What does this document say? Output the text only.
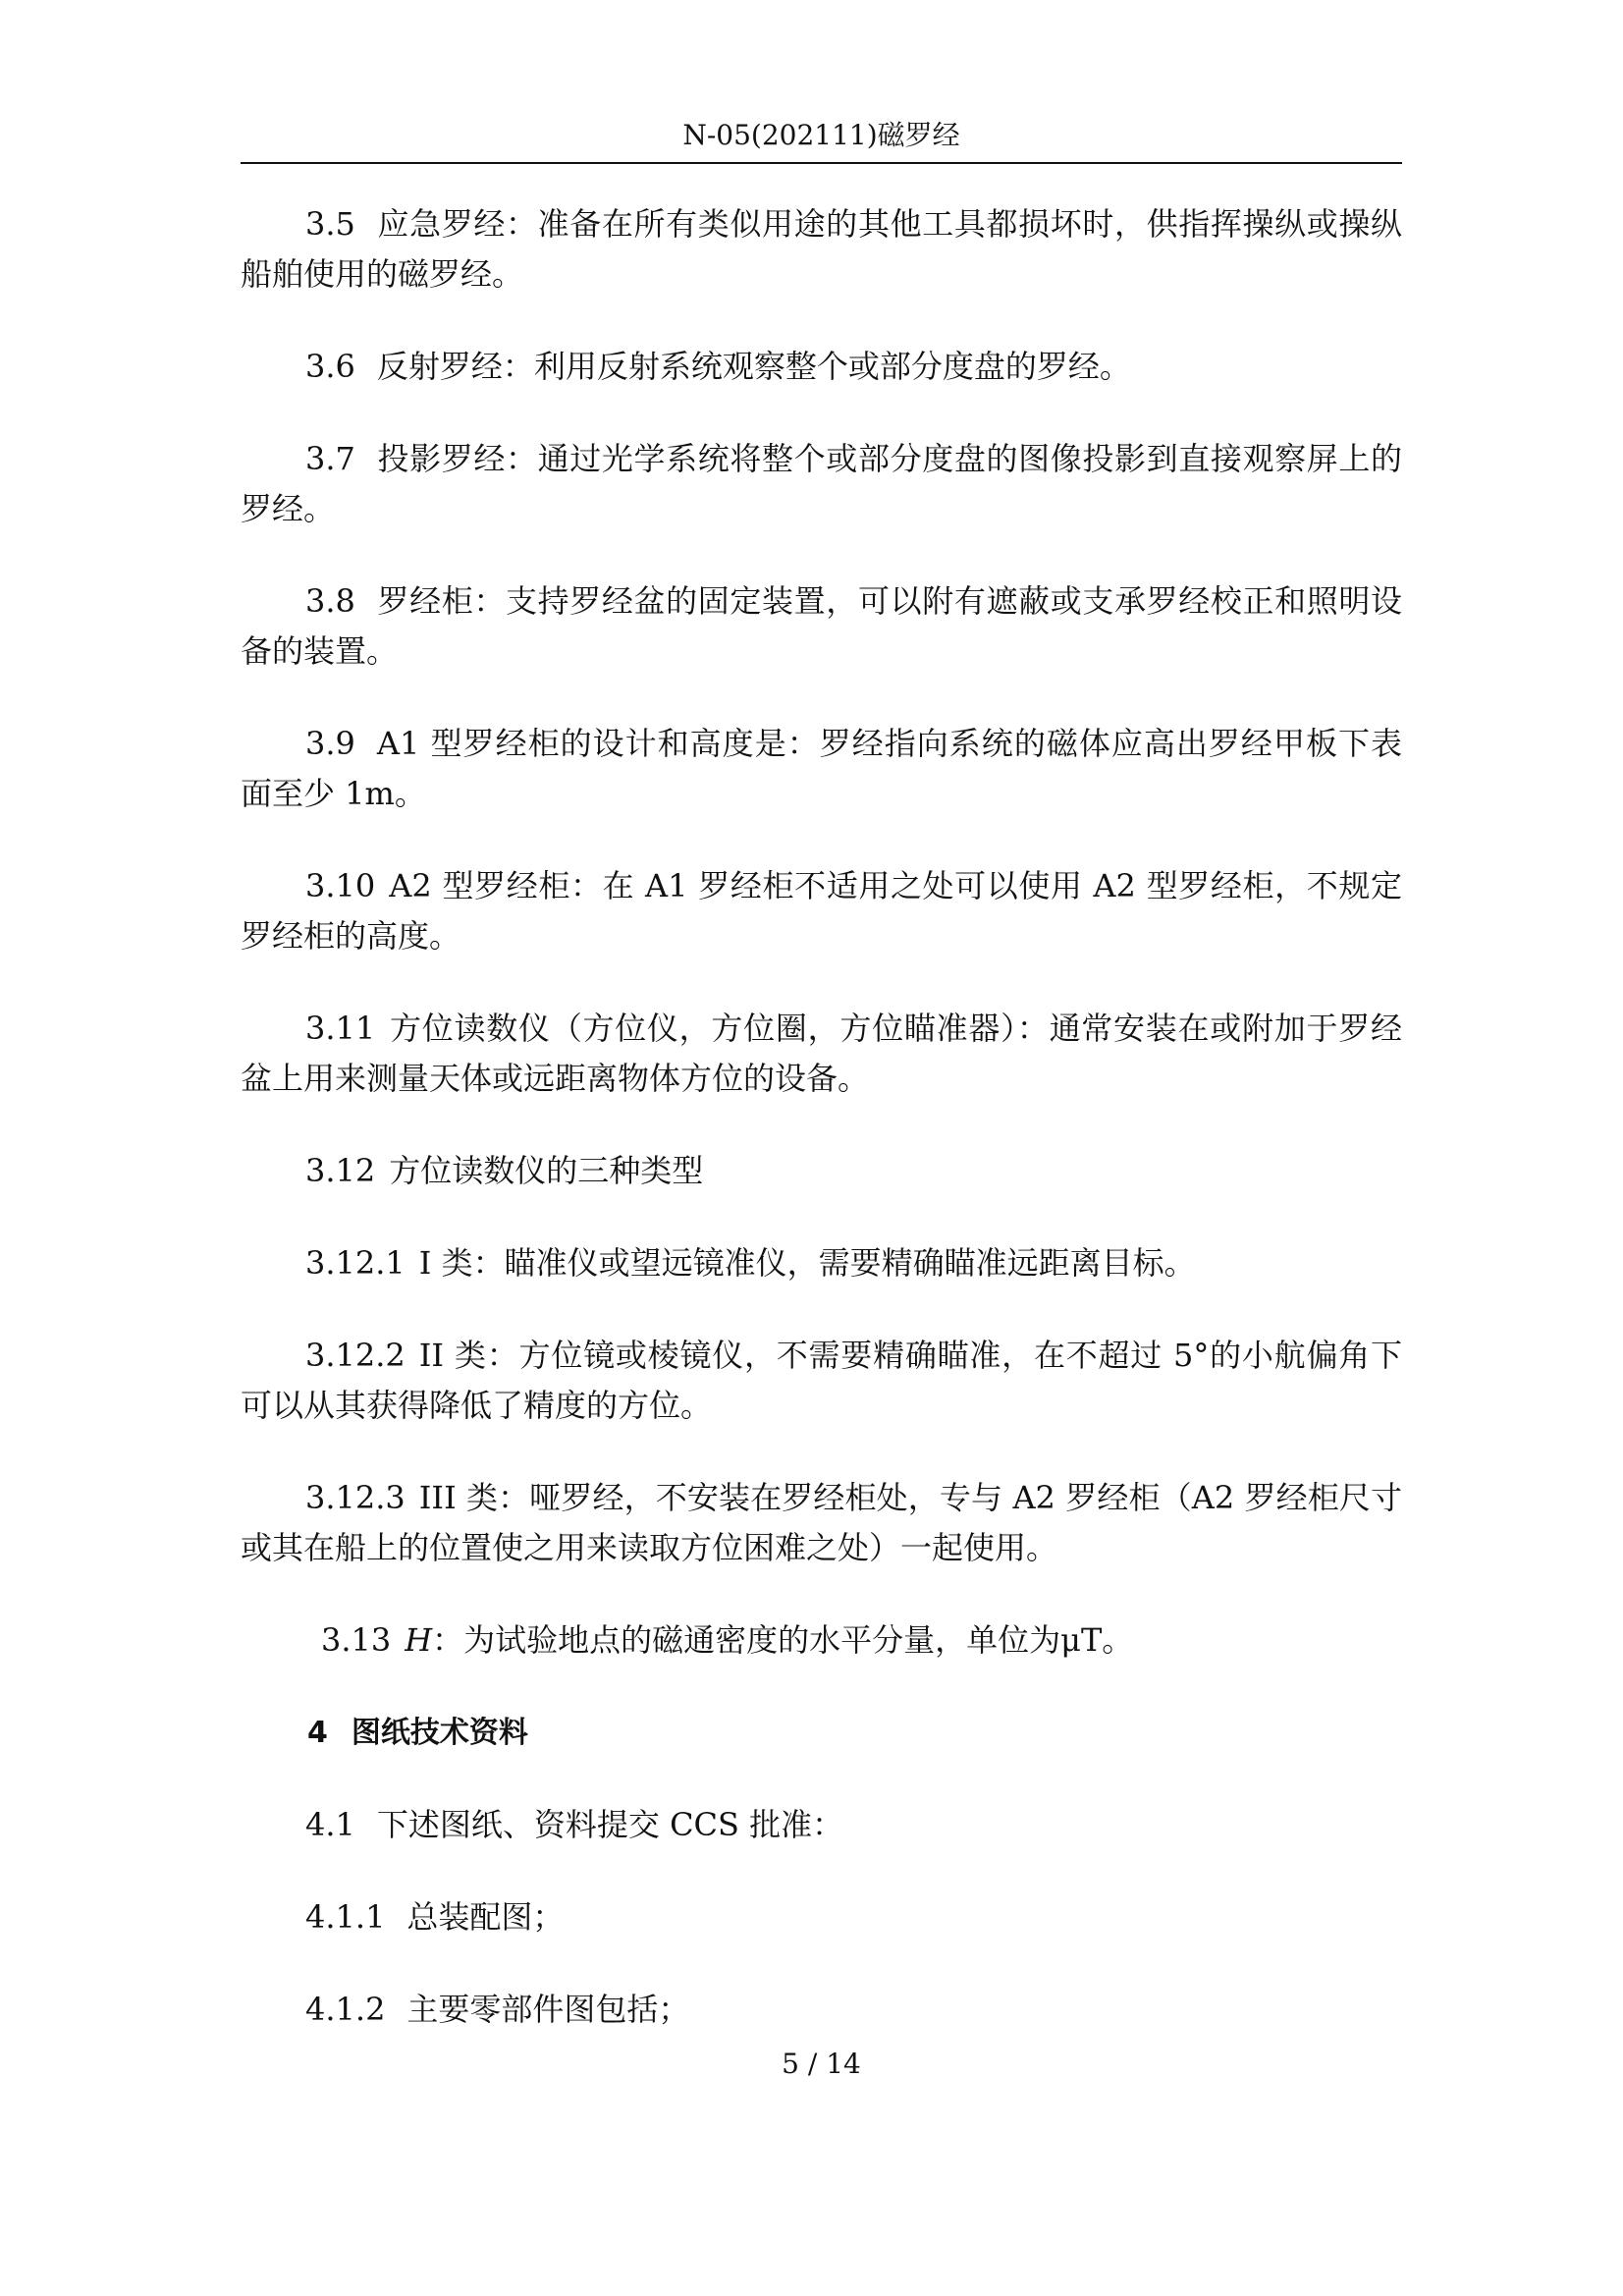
N-05(202111)磁罗经

3.5 应急罗经：准备在所有类似用途的其他工具都损坏时，供指挥操纵或操纵船舶使用的磁罗经。

3.6 反射罗经：利用反射系统观察整个或部分度盘的罗经。

3.7 投影罗经：通过光学系统将整个或部分度盘的图像投影到直接观察屏上的罗经。

3.8 罗经柜：支持罗经盆的固定装置，可以附有遮蔽或支承罗经校正和照明设备的装置。

3.9 A1 型罗经柜的设计和高度是：罗经指向系统的磁体应高出罗经甲板下表面至少 1m。

3.10 A2 型罗经柜：在 A1 罗经柜不适用之处可以使用 A2 型罗经柜，不规定罗经柜的高度。

3.11 方位读数仪（方位仪，方位圈，方位瞄准器）：通常安装在或附加于罗经盆上用来测量天体或远距离物体方位的设备。

3.12 方位读数仪的三种类型

3.12.1 I 类：瞄准仪或望远镜准仪，需要精确瞄准远距离目标。

3.12.2 II 类：方位镜或棱镜仪，不需要精确瞄准，在不超过 5°的小航偏角下可以从其获得降低了精度的方位。

3.12.3 III 类：哑罗经，不安装在罗经柜处，专与 A2 罗经柜（A2 罗经柜尺寸或其在船上的位置使之用来读取方位困难之处）一起使用。

3.13 H：为试验地点的磁通密度的水平分量，单位为μT。

4 图纸技术资料

4.1 下述图纸、资料提交 CCS 批准：

4.1.1 总装配图；

4.1.2 主要零部件图包括；

5 / 14
